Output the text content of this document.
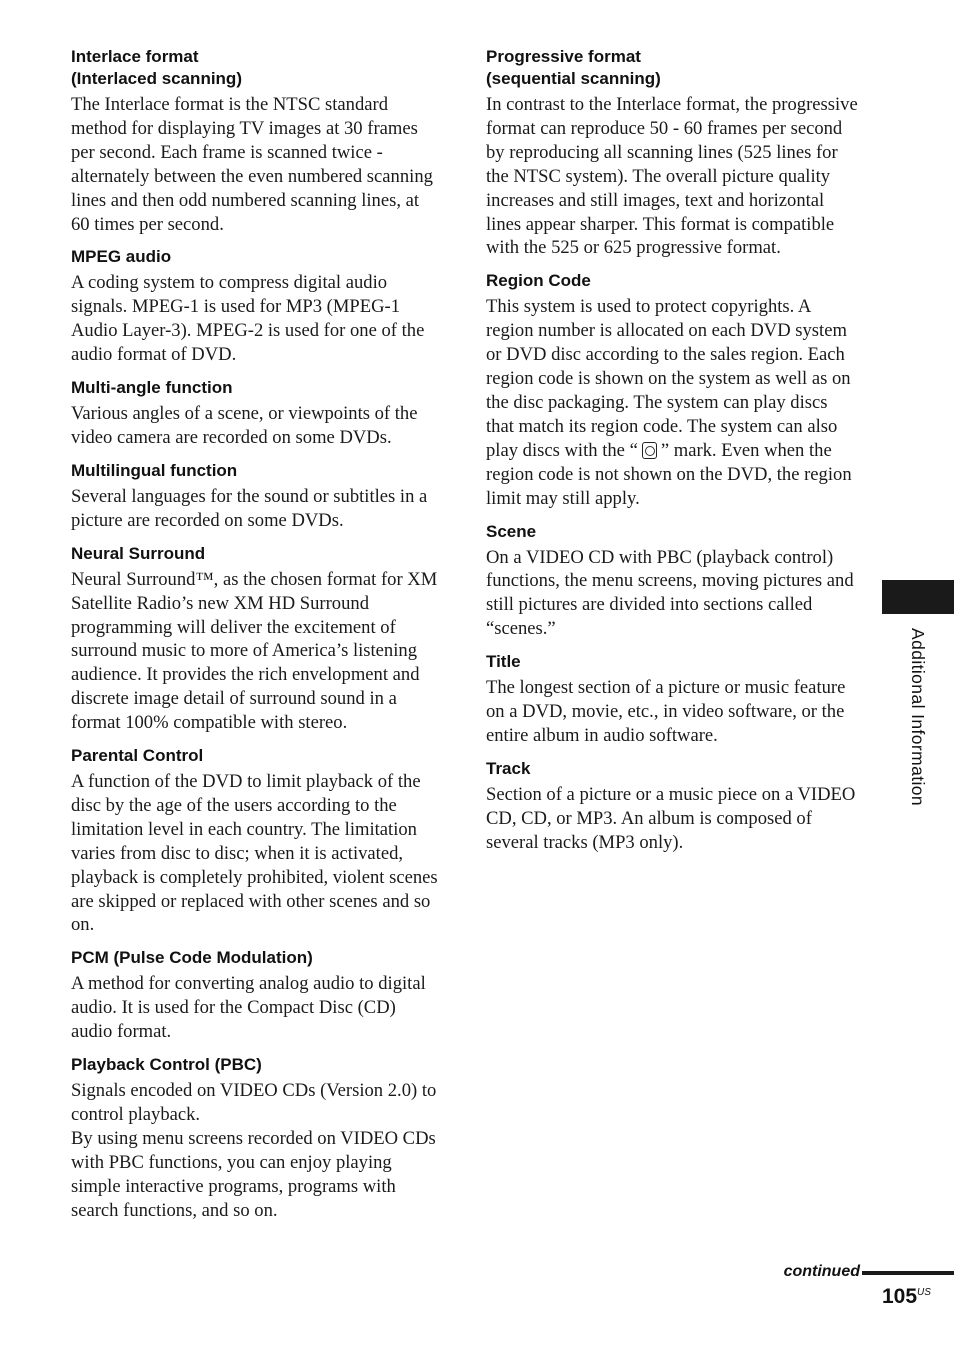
Interlace format
(Interlaced scanning)

The Interlace format is the NTSC standard method for displaying TV images at 30 frames per second. Each frame is scanned twice - alternately between the even numbered scanning lines and then odd numbered scanning lines, at 60 times per second.

MPEG audio

A coding system to compress digital audio signals. MPEG-1 is used for MP3 (MPEG-1 Audio Layer-3). MPEG-2 is used for one of the audio format of DVD.

Multi-angle function

Various angles of a scene, or viewpoints of the video camera are recorded on some DVDs.

Multilingual function

Several languages for the sound or subtitles in a picture are recorded on some DVDs.

Neural Surround

Neural Surround™, as the chosen format for XM Satellite Radio’s new XM HD Surround programming will deliver the excitement of surround music to more of America’s listening audience. It provides the rich envelopment and discrete image detail of surround sound in a format 100% compatible with stereo.

Parental Control

A function of the DVD to limit playback of the disc by the age of the users according to the limitation level in each country. The limitation varies from disc to disc; when it is activated, playback is completely prohibited, violent scenes are skipped or replaced with other scenes and so on.

PCM (Pulse Code Modulation)

A method for converting analog audio to digital audio. It is used for the Compact Disc (CD) audio format.

Playback Control (PBC)

Signals encoded on VIDEO CDs (Version 2.0) to control playback.
By using menu screens recorded on VIDEO CDs with PBC functions, you can enjoy playing simple interactive programs, programs with search functions, and so on.

Progressive format
(sequential scanning)

In contrast to the Interlace format, the progressive format can reproduce 50 - 60 frames per second by reproducing all scanning lines (525 lines for the NTSC system). The overall picture quality increases and still images, text and horizontal lines appear sharper. This format is compatible with the 525 or 625 progressive format.

Region Code

This system is used to protect copyrights. A region number is allocated on each DVD system or DVD disc according to the sales region. Each region code is shown on the system as well as on the disc packaging. The system can play discs that match its region code. The system can also play discs with the “ ” mark. Even when the region code is not shown on the DVD, the region limit may still apply.

Scene

On a VIDEO CD with PBC (playback control) functions, the menu screens, moving pictures and still pictures are divided into sections called “scenes.”

Title

The longest section of a picture or music feature on a DVD, movie, etc., in video software, or the entire album in audio software.

Track

Section of a picture or a music piece on a VIDEO CD, CD, or MP3. An album is composed of several tracks (MP3 only).

Additional Information
continued
105 US
